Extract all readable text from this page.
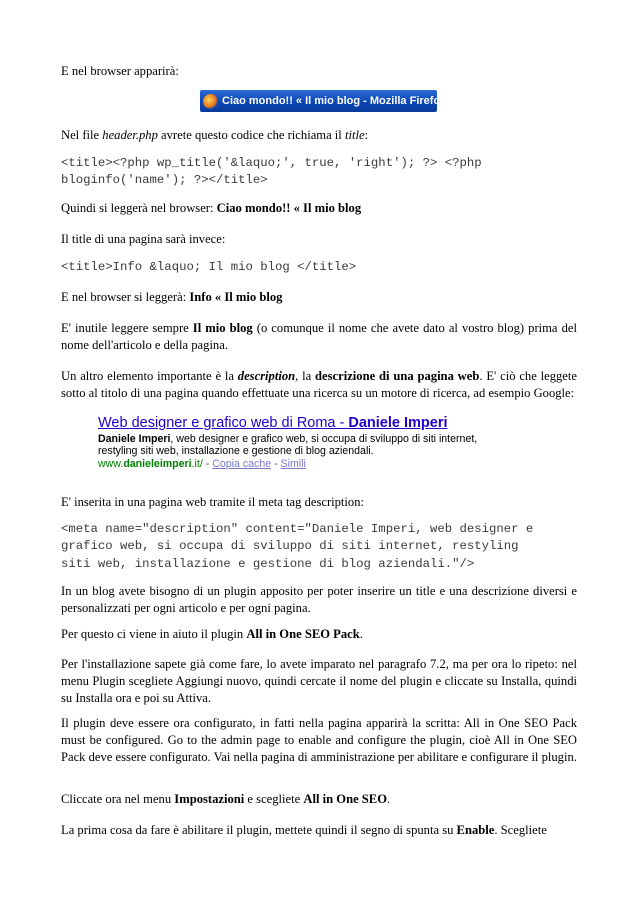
E nel browser apparirà:

Ciao mondo!! « Il mio blog - Mozilla Firefox

Nel file header.php avrete questo codice che richiama il title:

<title><?php wp_title('&laquo;', true, 'right'); ?> <?php
bloginfo('name'); ?></title>

Quindi si leggerà nel browser: Ciao mondo!! « Il mio blog

Il title di una pagina sarà invece:

<title>Info &laquo; Il mio blog </title>

E nel browser si leggerà: Info « Il mio blog

E' inutile leggere sempre Il mio blog (o comunque il nome che avete dato al vostro blog) prima del nome dell'articolo e della pagina.

Un altro elemento importante è la description, la descrizione di una pagina web. E' ciò che leggete sotto al titolo di una pagina quando effettuate una ricerca su un motore di ricerca, ad esempio Google:

Web designer e grafico web di Roma - Daniele Imperi
Daniele Imperi, web designer e grafico web, si occupa di sviluppo di siti internet, restyling siti web, installazione e gestione di blog aziendali.
www.danieleimperi.it/ - Copia cache - Simili

E' inserita in una pagina web tramite il meta tag description:

<meta name="description" content="Daniele Imperi, web designer e
grafico web, si occupa di sviluppo di siti internet, restyling
siti web, installazione e gestione di blog aziendali."/>

In un blog avete bisogno di un plugin apposito per poter inserire un title e una descrizione diversi e personalizzati per ogni articolo e per ogni pagina.

Per questo ci viene in aiuto il plugin All in One SEO Pack.

Per l'installazione sapete già come fare, lo avete imparato nel paragrafo 7.2, ma per ora lo ripeto: nel menu Plugin scegliete Aggiungi nuovo, quindi cercate il nome del plugin e cliccate su Installa, quindi su Installa ora e poi su Attiva.

Il plugin deve essere ora configurato, in fatti nella pagina apparirà la scritta: All in One SEO Pack must be configured. Go to the admin page to enable and configure the plugin, cioè All in One SEO Pack deve essere configurato. Vai nella pagina di amministrazione per abilitare e configurare il plugin.

Cliccate ora nel menu Impostazioni e scegliete All in One SEO.

La prima cosa da fare è abilitare il plugin, mettete quindi il segno di spunta su Enable. Scegliete
